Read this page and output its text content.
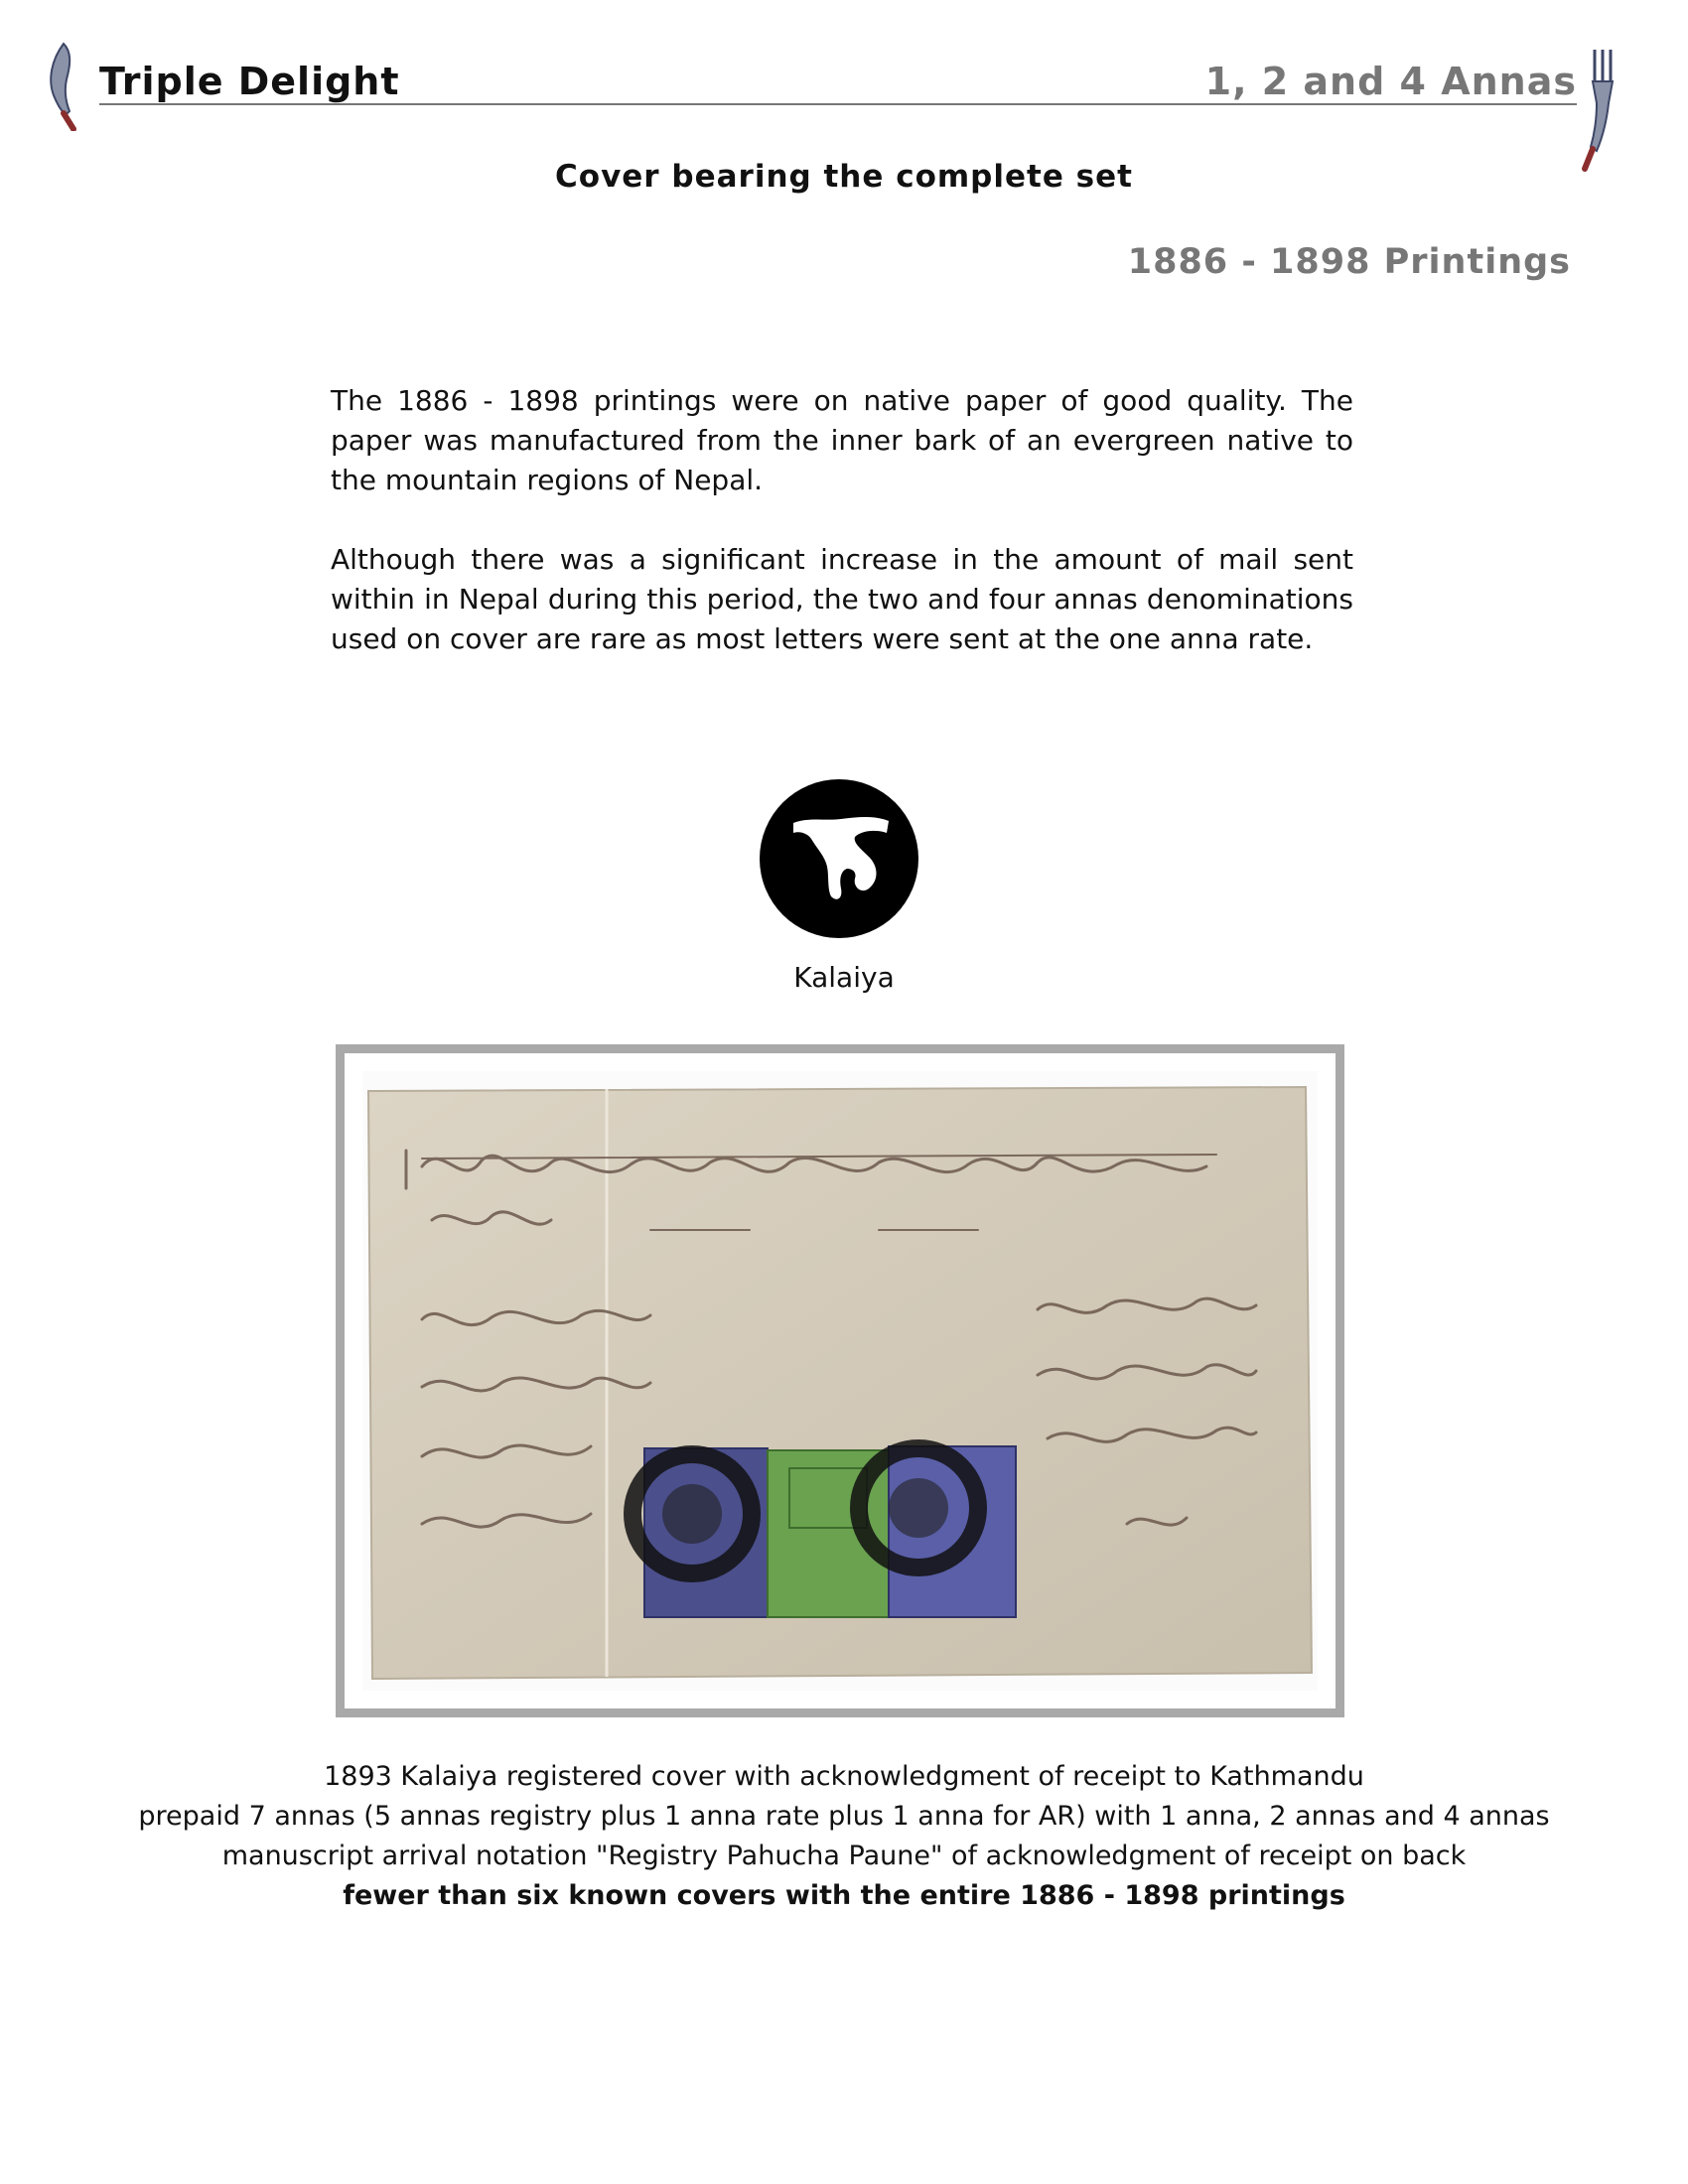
Triple Delight	1, 2 and 4 Annas
Cover bearing the complete set
1886 - 1898 Printings
The 1886 - 1898 printings were on native paper of good quality. The paper was manufactured from the inner bark of an evergreen native to the mountain regions of Nepal.
Although there was a significant increase in the amount of mail sent within in Nepal during this period, the two and four annas denominations used on cover are rare as most letters were sent at the one anna rate.
Kalaiya
1893 Kalaiya registered cover with acknowledgment of receipt to Kathmandu
prepaid 7 annas (5 annas registry plus 1 anna rate plus 1 anna for AR) with 1 anna, 2 annas and 4 annas
manuscript arrival notation "Registry Pahucha Paune" of acknowledgment of receipt on back
fewer than six known covers with the entire 1886 - 1898 printings
